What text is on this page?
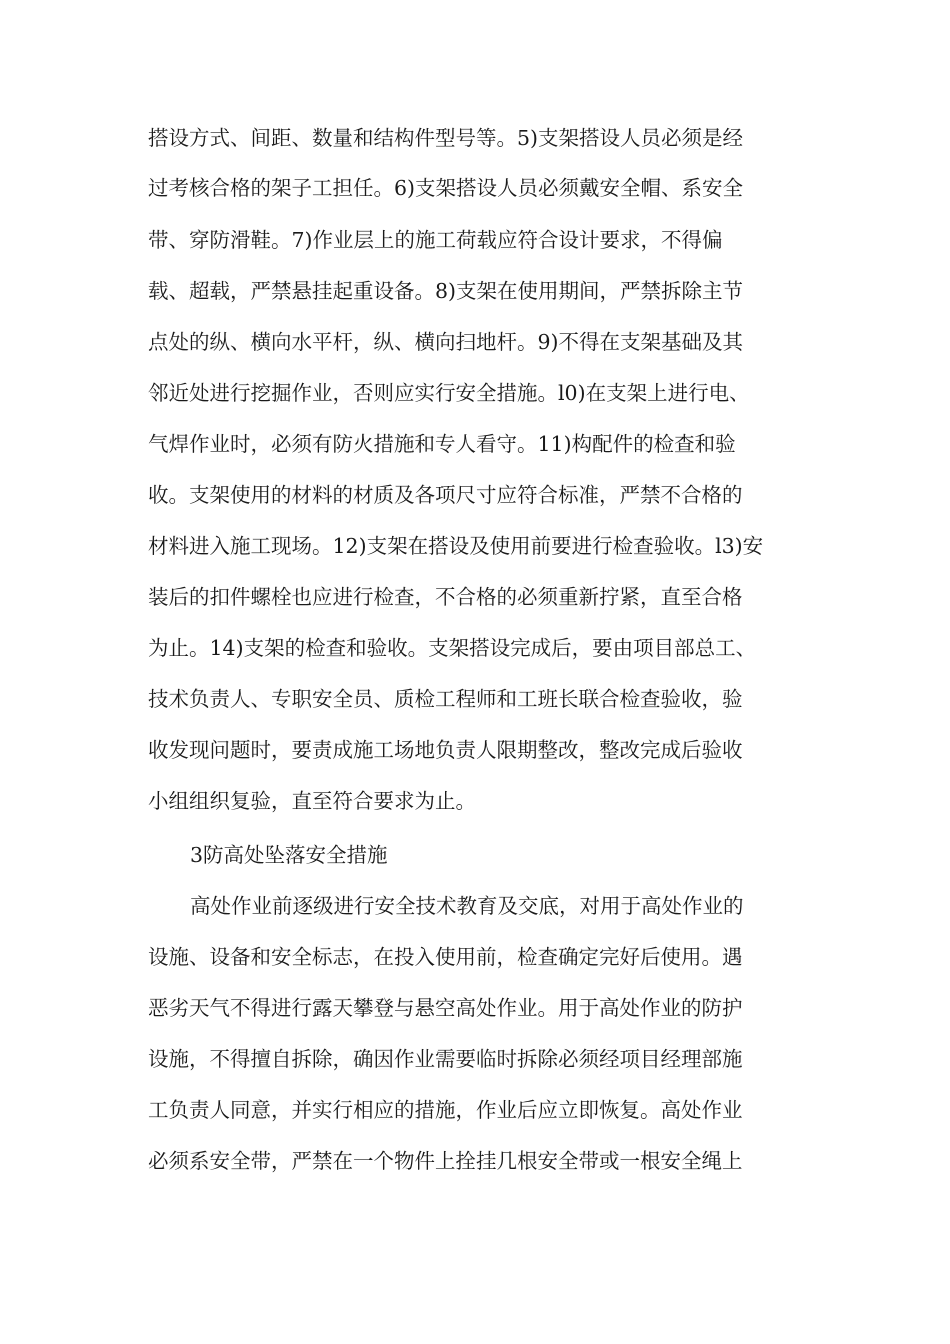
搭设方式、间距、数量和结构件型号等。5)支架搭设人员必须是经
过考核合格的架子工担任。6)支架搭设人员必须戴安全帽、系安全
带、穿防滑鞋。7)作业层上的施工荷载应符合设计要求，不得偏
载、超载，严禁悬挂起重设备。8)支架在使用期间，严禁拆除主节
点处的纵、横向水平杆，纵、横向扫地杆。9)不得在支架基础及其
邻近处进行挖掘作业，否则应实行安全措施。l0)在支架上进行电、
气焊作业时，必须有防火措施和专人看守。11)构配件的检查和验
收。支架使用的材料的材质及各项尺寸应符合标准，严禁不合格的
材料进入施工现场。12)支架在搭设及使用前要进行检查验收。l3)安
装后的扣件螺栓也应进行检查，不合格的必须重新拧紧，直至合格
为止。14)支架的检查和验收。支架搭设完成后，要由项目部总工、
技术负责人、专职安全员、质检工程师和工班长联合检查验收，验
收发现问题时，要责成施工场地负责人限期整改，整改完成后验收
小组组织复验，直至符合要求为止。
3防高处坠落安全措施
高处作业前逐级进行安全技术教育及交底，对用于高处作业的
设施、设备和安全标志，在投入使用前，检查确定完好后使用。遇
恶劣天气不得进行露天攀登与悬空高处作业。用于高处作业的防护
设施，不得擅自拆除，确因作业需要临时拆除必须经项目经理部施
工负责人同意，并实行相应的措施，作业后应立即恢复。高处作业
必须系安全带，严禁在一个物件上拴挂几根安全带或一根安全绳上
